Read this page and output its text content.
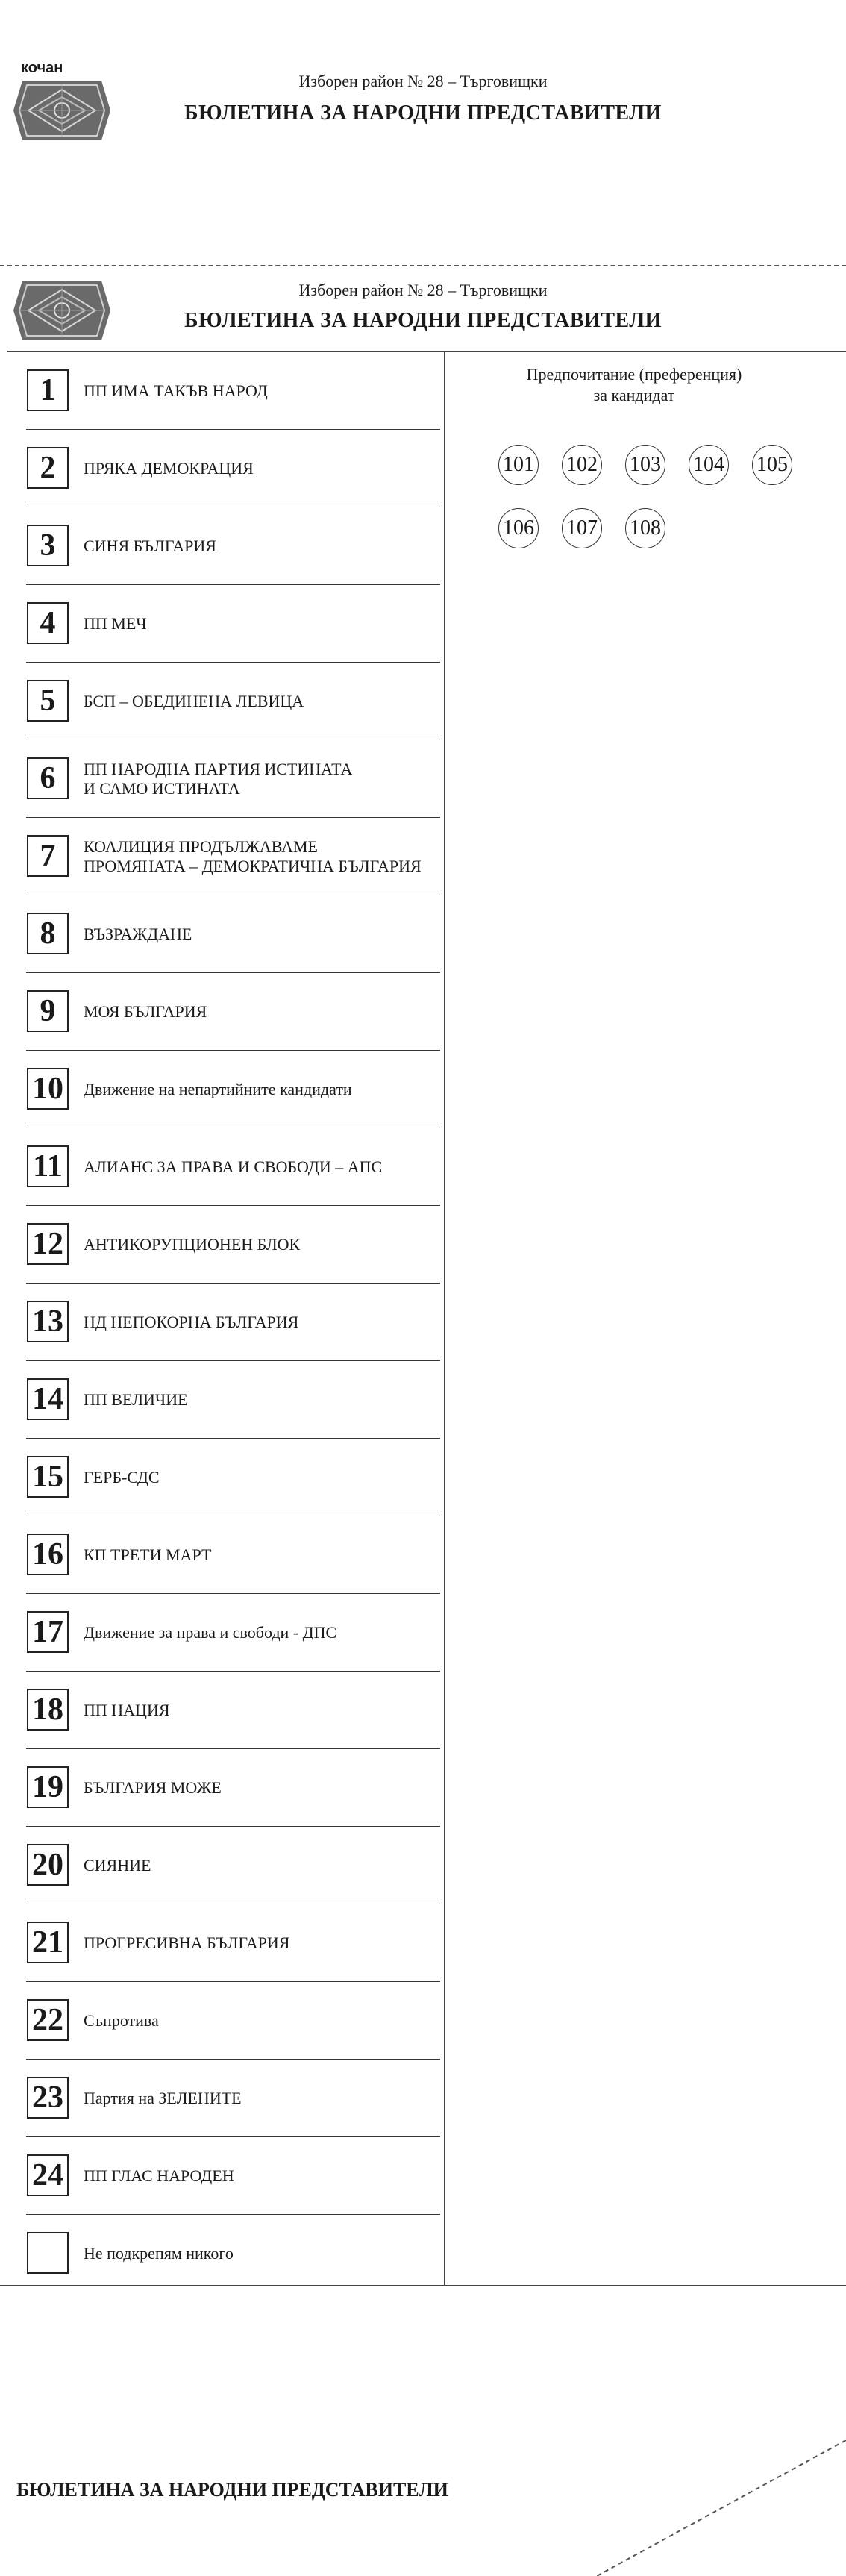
кочан
Изборен район № 28 – Търговищки
БЮЛЕТИНА ЗА НАРОДНИ ПРЕДСТАВИТЕЛИ
Изборен район № 28 – Търговищки
БЮЛЕТИНА ЗА НАРОДНИ ПРЕДСТАВИТЕЛИ
1	ПП ИМА ТАКЪВ НАРОД
2	ПРЯКА ДЕМОКРАЦИЯ
3	СИНЯ БЪЛГАРИЯ
4	ПП МЕЧ
5	БСП – ОБЕДИНЕНА ЛЕВИЦА
6	ПП НАРОДНА ПАРТИЯ ИСТИНАТА
И САМО ИСТИНАТА
7	КОАЛИЦИЯ ПРОДЪЛЖАВАМЕ
ПРОМЯНАТА – ДЕМОКРАТИЧНА БЪЛГАРИЯ
8	ВЪЗРАЖДАНЕ
9	МОЯ БЪЛГАРИЯ
10	Движение на непартийните кандидати
11	АЛИАНС ЗА ПРАВА И СВОБОДИ – АПС
12	АНТИКОРУПЦИОНЕН БЛОК
13	НД НЕПОКОРНА БЪЛГАРИЯ
14	ПП ВЕЛИЧИЕ
15	ГЕРБ-СДС
16	КП ТРЕТИ МАРТ
17	Движение за права и свободи - ДПС
18	ПП НАЦИЯ
19	БЪЛГАРИЯ МОЖЕ
20	СИЯНИЕ
21	ПРОГРЕСИВНА БЪЛГАРИЯ
22	Съпротива
23	Партия на ЗЕЛЕНИТЕ
24	ПП ГЛАС НАРОДЕН
Не подкрепям никого
Предпочитание (преференция)
за кандидат
101 102 103 104 105
106 107 108
БЮЛЕТИНА ЗА НАРОДНИ ПРЕДСТАВИТЕЛИ
